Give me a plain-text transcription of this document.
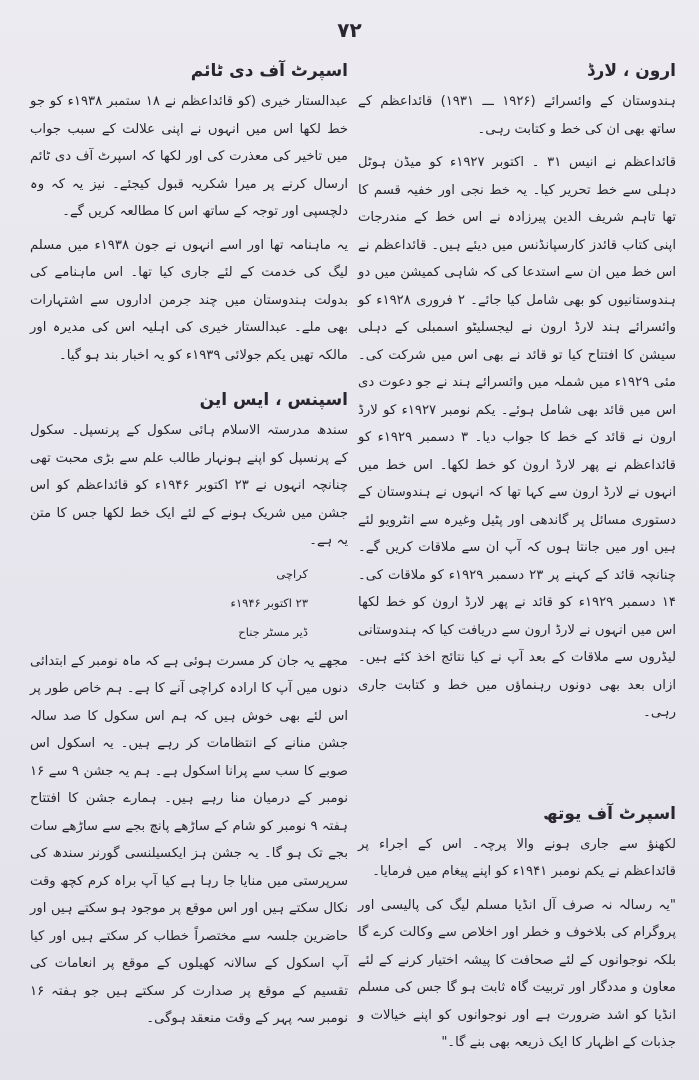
۷۲
ارون ، لارڈ

ہندوستان کے وائسرائے (۱۹۲۶ ـــ ۱۹۳۱) قائداعظم کے ساتھ بھی ان کی خط و کتابت رہی۔

قائداعظم نے انیس ۳۱ ۔ اکتوبر ۱۹۲۷ء کو میڈن ہوٹل دہلی سے خط تحریر کیا۔ یہ خط نجی اور خفیہ قسم کا تھا تاہم شریف الدین پیرزادہ نے اس خط کے مندرجات اپنی کتاب قائدز کارسپانڈنس میں دیئے ہیں۔ قائداعظم نے اس خط میں ان سے استدعا کی کہ شاہی کمیشن میں دو ہندوستانیوں کو بھی شامل کیا جائے۔ ۲ فروری ۱۹۲۸ء کو وائسرائے ہند لارڈ ارون نے لیجسلیٹو اسمبلی کے دہلی سیشن کا افتتاح کیا تو قائد نے بھی اس میں شرکت کی۔ مئی ۱۹۲۹ء میں شملہ میں وائسرائے ہند نے جو دعوت دی اس میں قائد بھی شامل ہوئے۔ یکم نومبر ۱۹۲۷ء کو لارڈ ارون نے قائد کے خط کا جواب دیا۔ ۳ دسمبر ۱۹۲۹ء کو قائداعظم نے پھر لارڈ ارون کو خط لکھا۔ اس خط میں انہوں نے لارڈ ارون سے کہا تھا کہ انہوں نے ہندوستان کے دستوری مسائل پر گاندھی اور پٹیل وغیرہ سے انٹرویو لئے ہیں اور میں جانتا ہوں کہ آپ ان سے ملاقات کریں گے۔ چنانچہ قائد کے کہنے پر ۲۳ دسمبر ۱۹۲۹ء کو ملاقات کی۔ ۱۴ دسمبر ۱۹۲۹ء کو قائد نے پھر لارڈ ارون کو خط لکھا اس میں انہوں نے لارڈ ارون سے دریافت کیا کہ ہندوستانی لیڈروں سے ملاقات کے بعد آپ نے کیا نتائج اخذ کئے ہیں۔ ازاں بعد بھی دونوں رہنماؤں میں خط و کتابت جاری رہی۔

اسپرٹ آف یوتھ

لکھنؤ سے جاری ہونے والا پرچہ۔ اس کے اجراء پر قائداعظم نے یکم نومبر ۱۹۴۱ء کو اپنے پیغام میں فرمایا۔

"یہ رسالہ نہ صرف آل انڈیا مسلم لیگ کی پالیسی اور پروگرام کی بلاخوف و خطر اور اخلاص سے وکالت کرے گا بلکہ نوجوانوں کے لئے صحافت کا پیشہ اختیار کرنے کے لئے معاون و مددگار اور تربیت گاہ ثابت ہو گا جس کی مسلم انڈیا کو اشد ضرورت ہے اور نوجوانوں کو اپنے خیالات و جذبات کے اظہار کا ایک ذریعہ بھی بنے گا۔"

اسپرٹ آف دی ٹائم

عبدالستار خیری (کو قائداعظم نے ۱۸ ستمبر ۱۹۳۸ء کو جو خط لکھا اس میں انہوں نے اپنی علالت کے سبب جواب میں تاخیر کی معذرت کی اور لکھا کہ اسپرٹ آف دی ٹائم ارسال کرنے پر میرا شکریہ قبول کیجئے۔ نیز یہ کہ وہ دلچسپی اور توجہ کے ساتھ اس کا مطالعہ کریں گے۔

یہ ماہنامہ تھا اور اسے انہوں نے جون ۱۹۳۸ء میں مسلم لیگ کی خدمت کے لئے جاری کیا تھا۔ اس ماہنامے کی بدولت ہندوستان میں چند جرمن اداروں سے اشتہارات بھی ملے۔ عبدالستار خیری کی اہلیہ اس کی مدیرہ اور مالکہ تھیں یکم جولائی ۱۹۳۹ء کو یہ اخبار بند ہو گیا۔

اسپنس ، ایس این

سندھ مدرستہ الاسلام ہائی سکول کے پرنسپل۔ سکول کے پرنسپل کو اپنے ہونہار طالب علم سے بڑی محبت تھی چنانچہ انہوں نے ۲۳ اکتوبر ۱۹۴۶ء کو قائداعظم کو اس جشن میں شریک ہونے کے لئے ایک خط لکھا جس کا متن یہ ہے۔

کراچی
۲۳ اکتوبر ۱۹۴۶ء
ڈیر مسٹر جناح

مجھے یہ جان کر مسرت ہوئی ہے کہ ماہ نومبر کے ابتدائی دنوں میں آپ کا ارادہ کراچی آنے کا ہے۔ ہم خاص طور پر اس لئے بھی خوش ہیں کہ ہم اس سکول کا صد سالہ جشن منانے کے انتظامات کر رہے ہیں۔ یہ اسکول اس صوبے کا سب سے پرانا اسکول ہے۔ ہم یہ جشن ۹ سے ۱۶ نومبر کے درمیان منا رہے ہیں۔ ہمارے جشن کا افتتاح ہفتہ ۹ نومبر کو شام کے ساڑھے پانچ بجے سے ساڑھے سات بجے تک ہو گا۔ یہ جشن ہز ایکسیلنسی گورنر سندھ کی سرپرستی میں منایا جا رہا ہے کیا آپ براہ کرم کچھ وقت نکال سکتے ہیں اور اس موقع پر موجود ہو سکتے ہیں اور حاضرین جلسہ سے مختصراً خطاب کر سکتے ہیں اور کیا آپ اسکول کے سالانہ کھیلوں کے موقع پر انعامات کی تقسیم کے موقع پر صدارت کر سکتے ہیں جو ہفتہ ۱۶ نومبر سہ پہر کے وقت منعقد ہوگی۔
